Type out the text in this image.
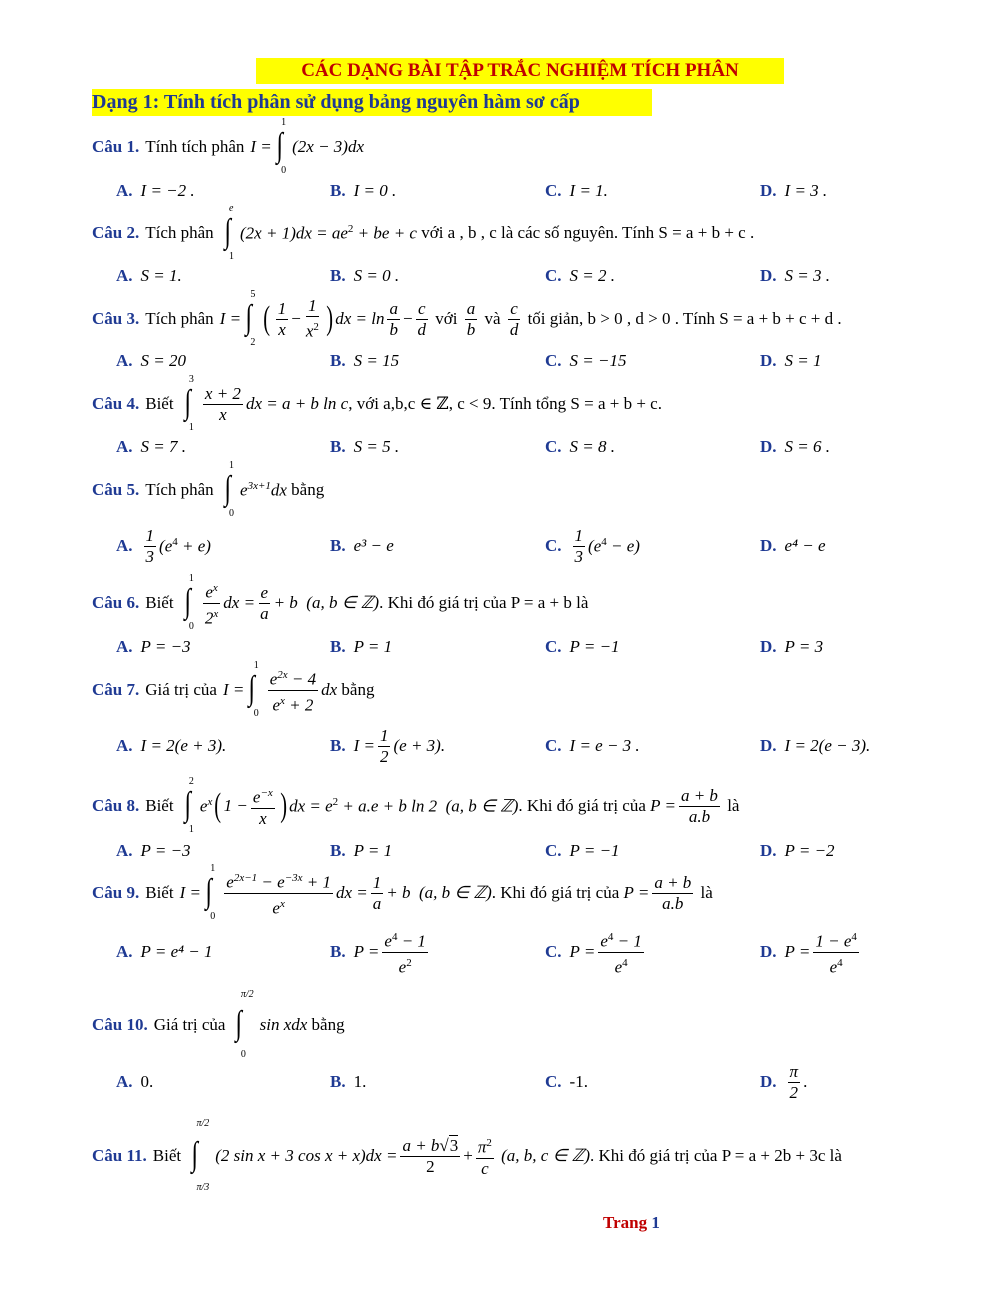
CÁC DẠNG BÀI TẬP TRẮC NGHIỆM TÍCH PHÂN
Dạng 1: Tính tích phân sử dụng bảng nguyên hàm sơ cấp
Câu 1. Tính tích phân I = ∫
1
0
(2x − 3)dx
A. I = −2 .	B. I = 0 .	C. I = 1.	D. I = 3 .
Câu 2. Tích phân ∫
e
1
$(2x + 1)dx = ae^2$ + be + c
với a , b , c là các số nguyên. Tính S = a + b + c .
A. S = 1.	B. S = 0 .	C. S = 2 .	D. S = 3 .
Câu 3. Tích phân I = ∫
5
2
( $\frac{1}{x} - \frac{1}{x^2}$ ) dx = $\ln \frac{a}{b} - \frac{c}{d}$
với
$\frac{a}{b}$
và
$\frac{c}{d}$
tối giản, b > 0 , d > 0 . Tính S = a + b + c + d .
A. S = 20	B. S = 15	C. S = −15	D. S = 1
Câu 4. Biết ∫
3
1
$\frac{x + 2}{x}$ dx = a + b ln c , với a,b,c ∈ ℤ, c < 9. Tính tổng S = a + b + c.
A. S = 7 .	B. S = 5 .	C. S = 8 .	D. S = 6 .
Câu 5. Tích phân ∫
1
0
$e^{3x+1}dx$
bằng
A. $\frac{1}{3} (e^4 + e)$	B. e³ − e	C. $\frac{1}{3} (e^4 - e)$	D. e⁴ − e
Câu 6. Biết ∫
1
$0 \frac{e^x}{2^x}$ dx = $\frac{e}{a} + b$  (a, b ∈ ℤ) . Khi đó giá trị của P = a + b là
A. P = −3	B. P = 1	C. P = −1	D. P = 3
Câu 7. Giá trị của I = ∫
1
$0 \frac{e^{2x} - 4}{e^x + 2}$ dx
bằng
A. I = 2(e + 3).	B. $I = \frac{1}{2} (e + 3)$.	C. I = e − 3 .	D. I = 2(e − 3).
Câu 8. Biết ∫
2
1
$e^x$ ( $1 - \frac{e^{-x}}{x}$ ) dx = $e^2 + a.e + b$ ln 2  (a, b ∈ ℤ) . Khi đó giá trị của
$P = \frac{a + b}{a.b}$
là
A. P = −3	B. P = 1	C. P = −1	D. P = −2
Câu 9. Biết I = ∫
1
$0 \frac{e^{2x-1} - e^{-3x} + 1}{e^x}$ dx = $\frac{1}{a} + b$  (a, b ∈ ℤ) . Khi đó giá trị của
$P = \frac{a + b}{a.b}$
là
A. P = e⁴ − 1	B. $P = \frac{e^4 - 1}{e^2}$	C. $P = \frac{e^4 - 1}{e^4}$	D. $P = \frac{1 - e^4}{e^4}$
Câu 10. Giá trị của ∫
π/2
0
sin xdx
bằng
A. 0.	B. 1.	C. -1.	D. $\frac{\pi}{2}$ .
Câu 11. Biết ∫
π/2
π/3
(2 sin x + 3 $\cos x + x)dx = \frac{a + b√3}{2} + \frac{\pi^2}{c} (a$, b, c ∈ ℤ) . Khi đó giá trị của P = a + 2b + 3c là
Trang 1
